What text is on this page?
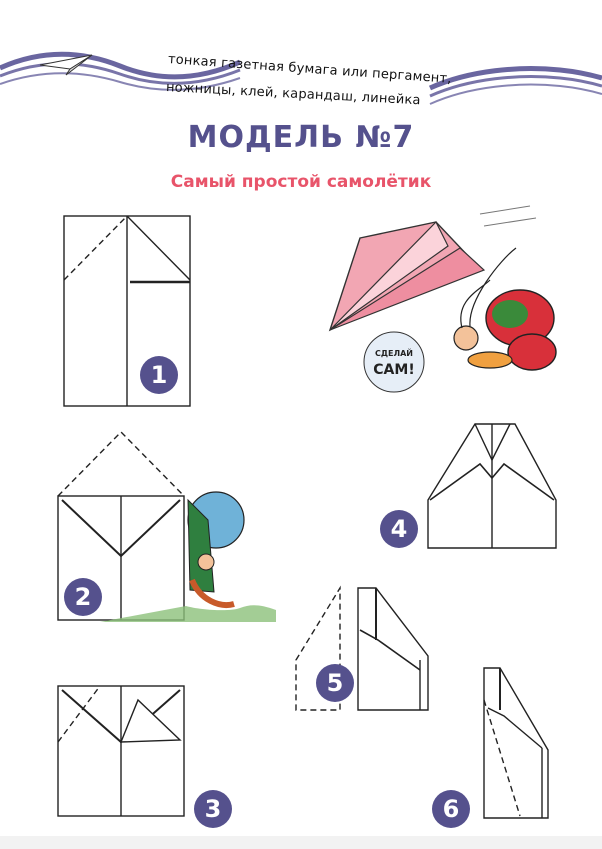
тонкая газетная бумага или пергамент,
ножницы, клей, карандаш, линейка
МОДЕЛЬ №7
Самый простой самолётик
СДЕЛАЙ
САМ!
1
2
3
4
5
6
